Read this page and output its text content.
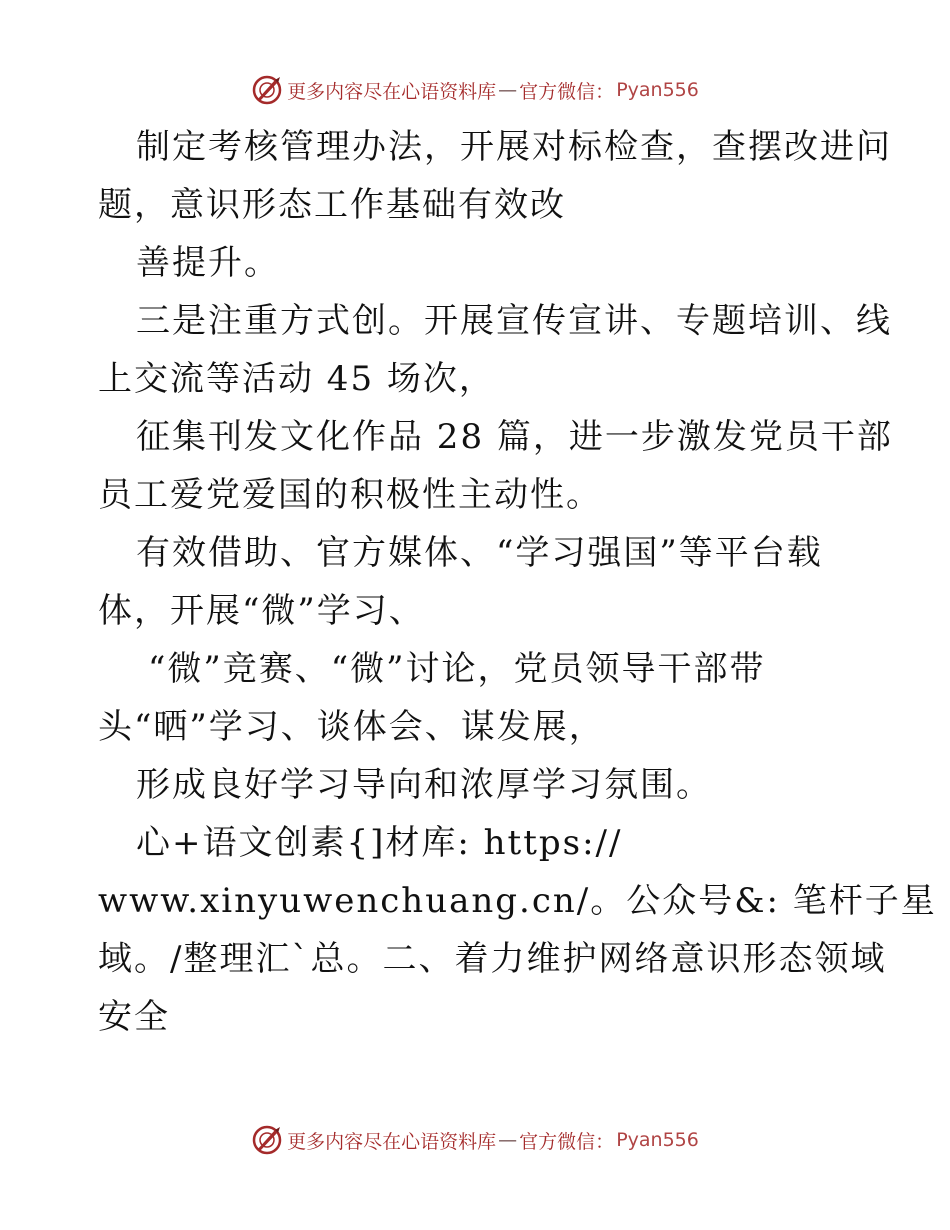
更多内容尽在心语资料库 — 官方微信： Pyan556
制定考核管理办法，开展对标检查，查摆改进问
题，意识形态工作基础有效改
善提升。
三是注重方式创。开展宣传宣讲、专题培训、线
上交流等活动 45 场次，
征集刊发文化作品 28 篇，进一步激发党员干部
员工爱党爱国的积极性主动性。
有效借助、官方媒体、“学习强国”等平台载
体，开展“微”学习、
“微”竞赛、“微”讨论，党员领导干部带
头“晒”学习、谈体会、谋发展，
形成良好学习导向和浓厚学习氛围。
心+语文创素{]材库: https://
www.xinyuwenchuang.cn/。公众号&: 笔杆子星
域。/整理汇`总。二、着力维护网络意识形态领域
安全
更多内容尽在心语资料库 — 官方微信： Pyan556
